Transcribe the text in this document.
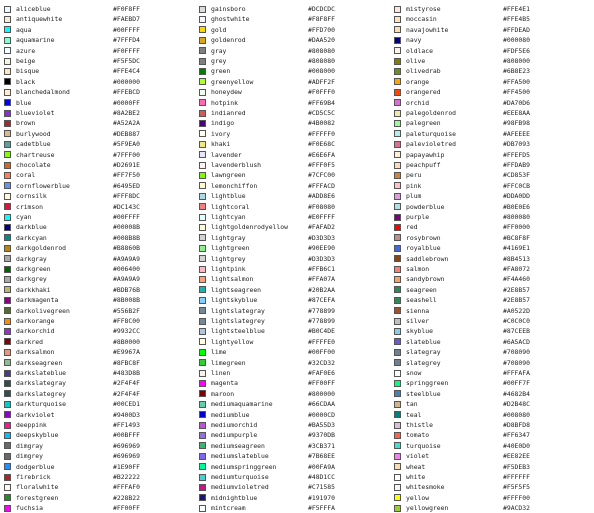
aliceblue	#F0F8FF
antiquewhite	#FAEBD7
aqua	#00FFFF
aquamarine	#7FFFD4
azure	#F0FFFF
beige	#F5F5DC
bisque	#FFE4C4
black	#000000
blanchedalmond	#FFEBCD
blue	#0000FF
blueviolet	#8A2BE2
brown	#A52A2A
burlywood	#DEB887
cadetblue	#5F9EA0
chartreuse	#7FFF00
chocolate	#D2691E
coral	#FF7F50
cornflowerblue	#6495ED
cornsilk	#FFF8DC
crimson	#DC143C
cyan	#00FFFF
darkblue	#00008B
darkcyan	#008B8B
darkgoldenrod	#B8860B
darkgray	#A9A9A9
darkgreen	#006400
darkgrey	#A9A9A9
darkkhaki	#BDB76B
darkmagenta	#8B008B
darkolivegreen	#556B2F
darkorange	#FF8C00
darkorchid	#9932CC
darkred	#8B0000
darksalmon	#E9967A
darkseagreen	#8FBC8F
darkslateblue	#483D8B
darkslategray	#2F4F4F
darkslategrey	#2F4F4F
darkturquoise	#00CED1
darkviolet	#9400D3
deeppink	#FF1493
deepskyblue	#00BFFF
dimgray	#696969
dimgrey	#696969
dodgerblue	#1E90FF
firebrick	#B22222
floralwhite	#FFFAF0
forestgreen	#228B22
fuchsia	#FF00FF
gainsboro	#DCDCDC
ghostwhite	#F8F8FF
gold	#FFD700
goldenrod	#DAA520
gray	#808080
grey	#808080
green	#008000
greenyellow	#ADFF2F
honeydew	#F0FFF0
hotpink	#FF69B4
indianred	#CD5C5C
indigo	#4B0082
ivory	#FFFFF0
khaki	#F0E68C
lavender	#E6E6FA
lavenderblush	#FFF0F5
lawngreen	#7CFC00
lemonchiffon	#FFFACD
lightblue	#ADD8E6
lightcoral	#F08080
lightcyan	#E0FFFF
lightgoldenrodyellow	#FAFAD2
lightgray	#D3D3D3
lightgreen	#90EE90
lightgrey	#D3D3D3
lightpink	#FFB6C1
lightsalmon	#FFA07A
lightseagreen	#20B2AA
lightskyblue	#87CEFA
lightslategray	#778899
lightslategrey	#778899
lightsteelblue	#B0C4DE
lightyellow	#FFFFE0
lime	#00FF00
limegreen	#32CD32
linen	#FAF0E6
magenta	#FF00FF
maroon	#800000
mediumaquamarine	#66CDAA
mediumblue	#0000CD
mediumorchid	#BA55D3
mediumpurple	#9370DB
mediumseagreen	#3CB371
mediumslateblue	#7B68EE
mediumspringgreen	#00FA9A
mediumturquoise	#48D1CC
mediumvioletred	#C71585
midnightblue	#191970
mintcream	#F5FFFA
mistyrose	#FFE4E1
moccasin	#FFE4B5
navajowhite	#FFDEAD
navy	#000080
oldlace	#FDF5E6
olive	#808000
olivedrab	#6B8E23
orange	#FFA500
orangered	#FF4500
orchid	#DA70D6
palegoldenrod	#EEE8AA
palegreen	#98FB98
paleturquoise	#AFEEEE
palevioletred	#DB7093
papayawhip	#FFEFD5
peachpuff	#FFDAB9
peru	#CD853F
pink	#FFC0CB
plum	#DDA0DD
powderblue	#B0E0E6
purple	#800080
red	#FF0000
rosybrown	#BC8F8F
royalblue	#4169E1
saddlebrown	#8B4513
salmon	#FA8072
sandybrown	#F4A460
seagreen	#2E8B57
seashell	#2E8B57
sienna	#A0522D
silver	#C0C0C0
skyblue	#87CEEB
slateblue	#6A5ACD
slategray	#708090
slategrey	#708090
snow	#FFFAFA
springgreen	#00FF7F
steelblue	#4682B4
tan	#D2B48C
teal	#008080
thistle	#D8BFD8
tomato	#FF6347
turquoise	#40E0D0
violet	#EE82EE
wheat	#F5DEB3
white	#FFFFFF
whitesmoke	#F5F5F5
yellow	#FFFF00
yellowgreen	#9ACD32
